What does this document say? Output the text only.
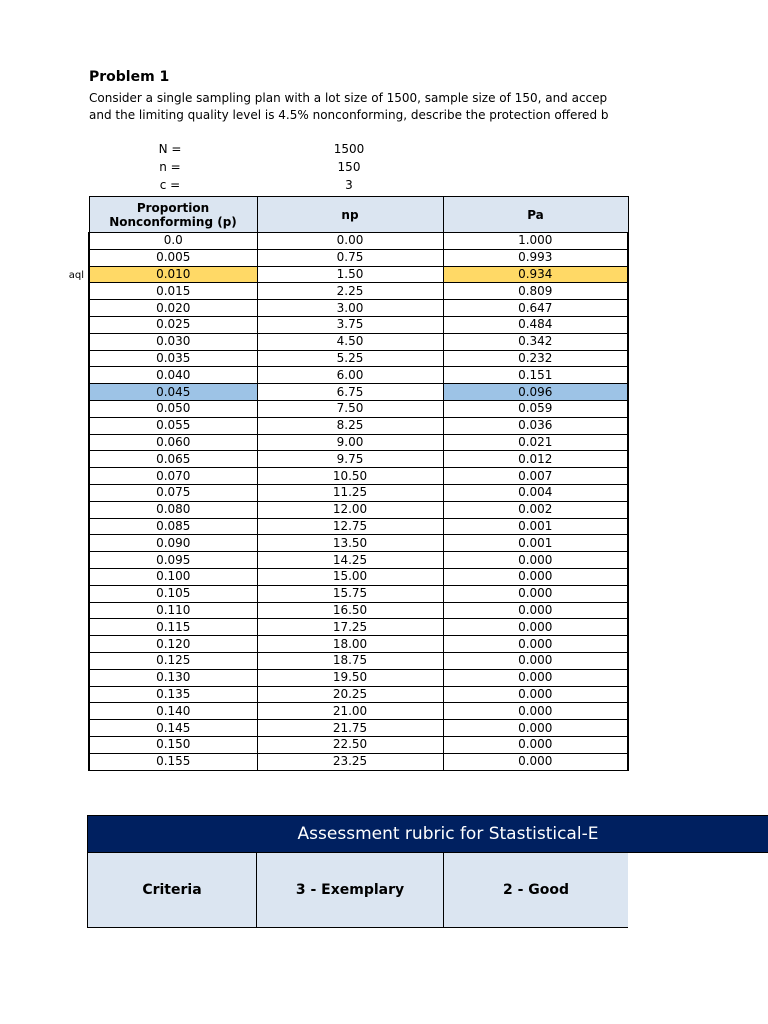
Problem 1
Consider a single sampling plan with a lot size of 1500, sample size of 150, and accep
and the limiting quality level is 4.5% nonconforming, describe the protection offered b
N =	1500
n =	150
c =	3
aql
Proportion
Nonconforming (p)	np	Pa
0.0	0.00	1.000
0.005	0.75	0.993
0.010	1.50	0.934
0.015	2.25	0.809
0.020	3.00	0.647
0.025	3.75	0.484
0.030	4.50	0.342
0.035	5.25	0.232
0.040	6.00	0.151
0.045	6.75	0.096
0.050	7.50	0.059
0.055	8.25	0.036
0.060	9.00	0.021
0.065	9.75	0.012
0.070	10.50	0.007
0.075	11.25	0.004
0.080	12.00	0.002
0.085	12.75	0.001
0.090	13.50	0.001
0.095	14.25	0.000
0.100	15.00	0.000
0.105	15.75	0.000
0.110	16.50	0.000
0.115	17.25	0.000
0.120	18.00	0.000
0.125	18.75	0.000
0.130	19.50	0.000
0.135	20.25	0.000
0.140	21.00	0.000
0.145	21.75	0.000
0.150	22.50	0.000
0.155	23.25	0.000
Assessment rubric for Stastistical-E
Criteria	3 - Exemplary	2 - Good
